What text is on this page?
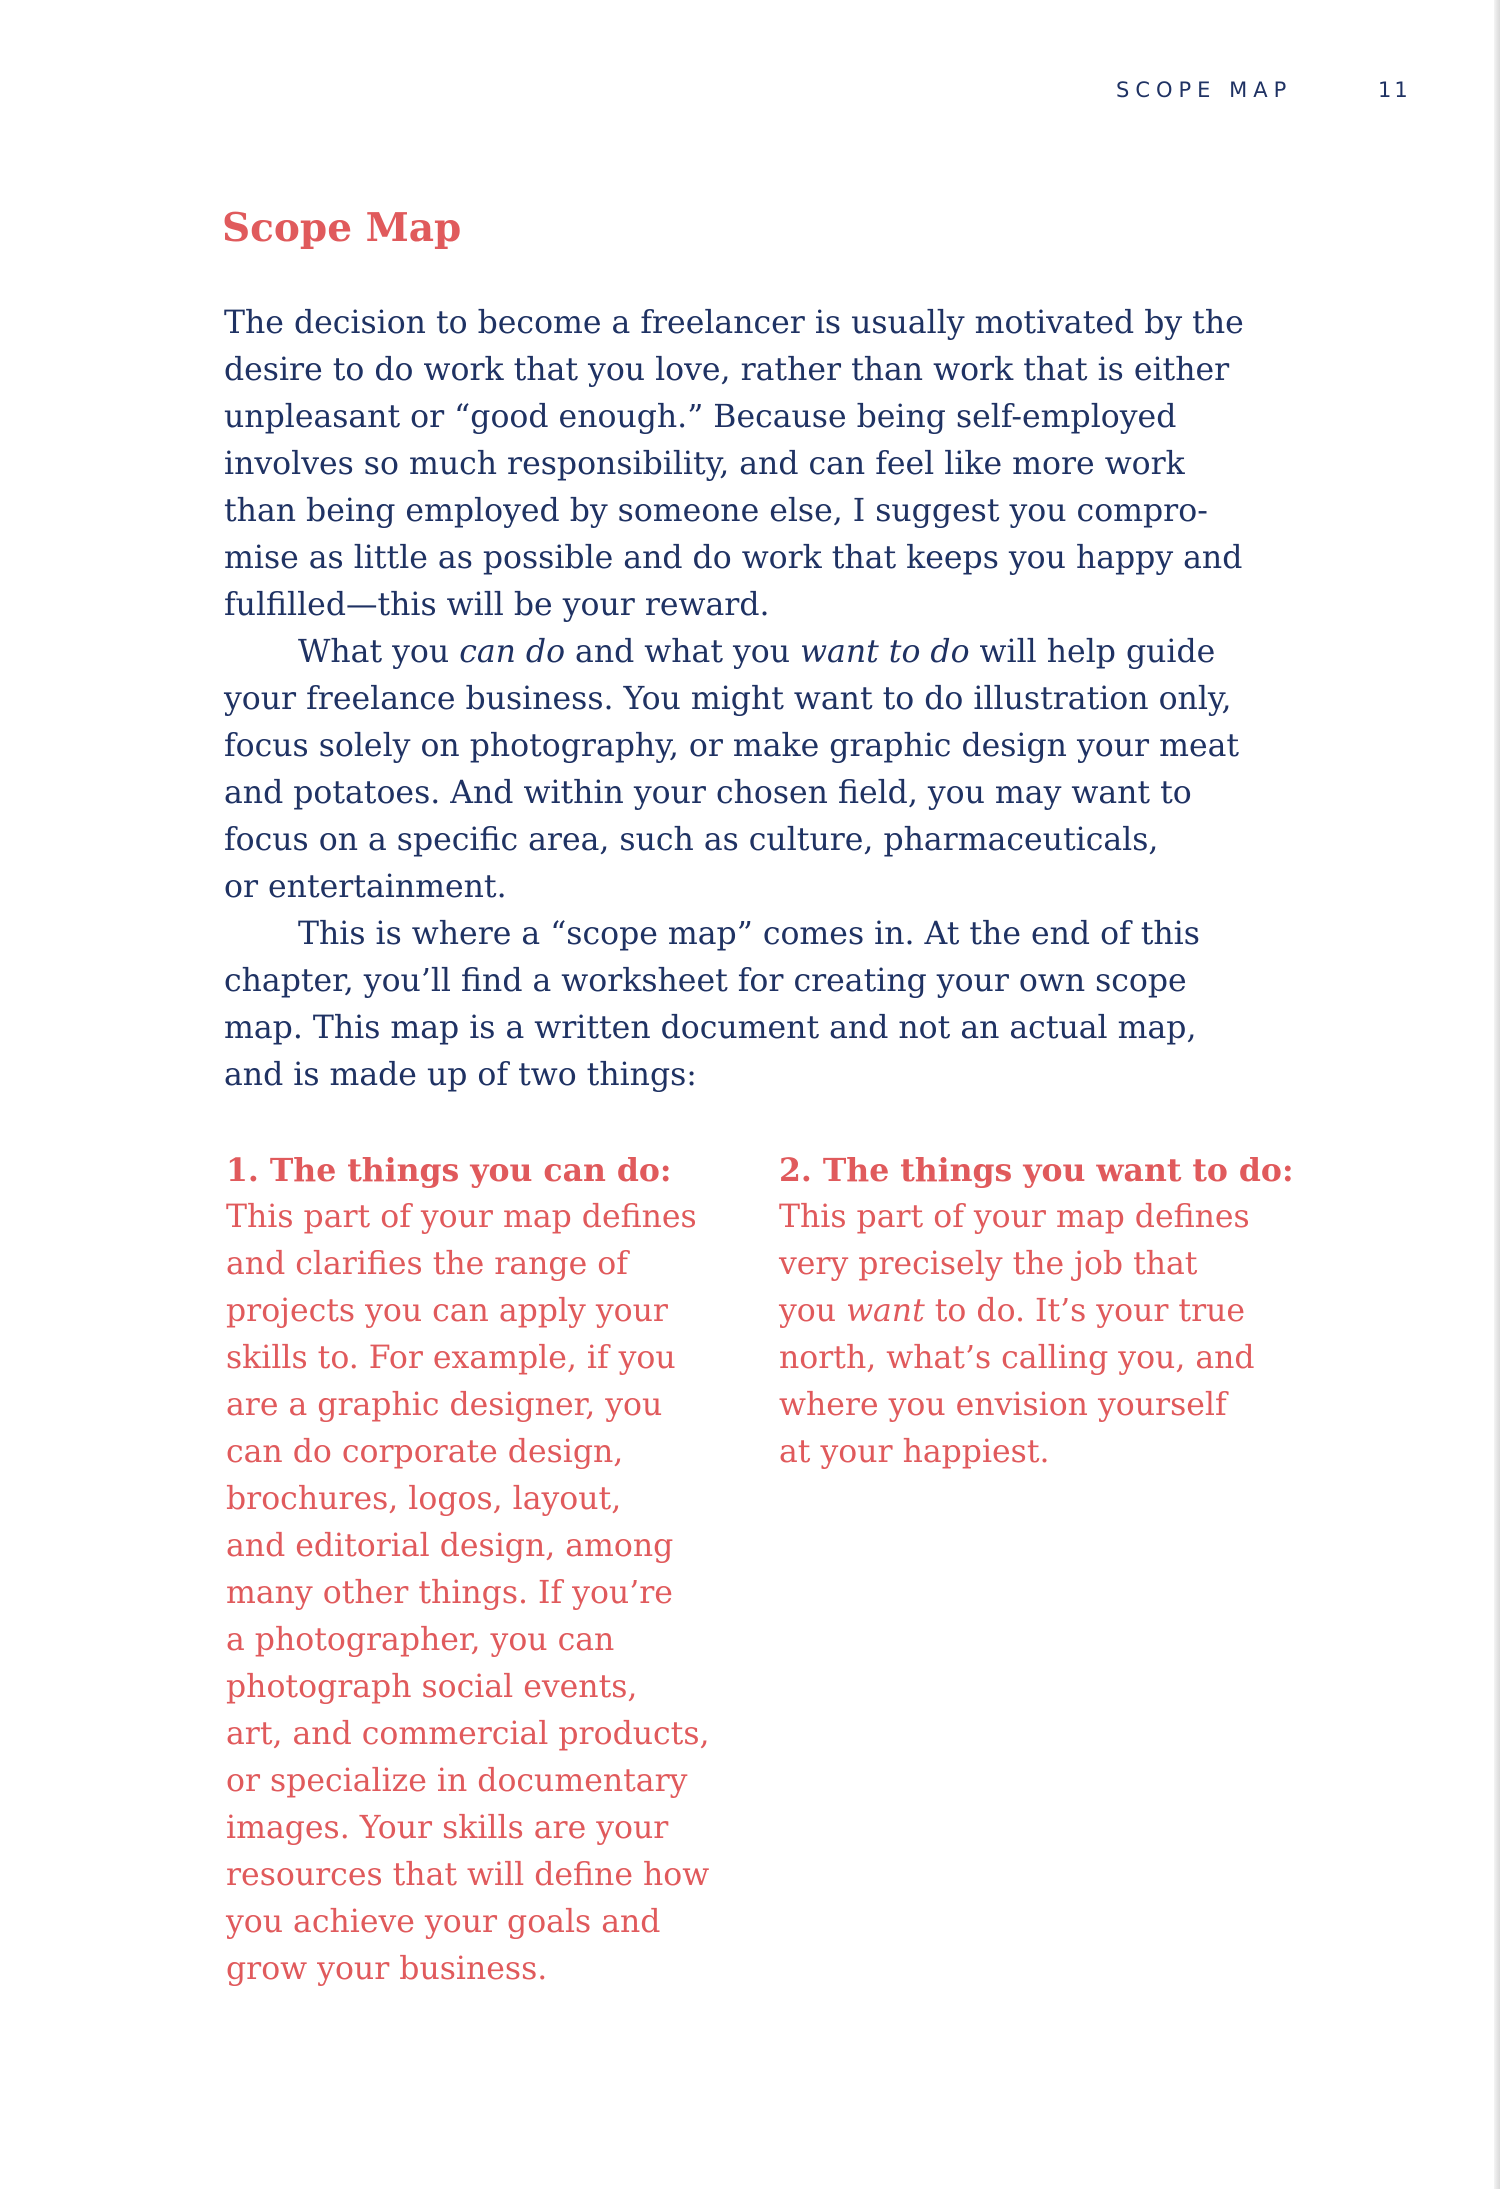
SCOPE MAP	11
Scope Map

The decision to become a freelancer is usually motivated by the
desire to do work that you love, rather than work that is either
unpleasant or “good enough.” Because being self-employed
involves so much responsibility, and can feel like more work
than being employed by someone else, I suggest you compro-
mise as little as possible and do work that keeps you happy and
fulfilled—this will be your reward.

What you can do and what you want to do will help guide
your freelance business. You might want to do illustration only,
focus solely on photography, or make graphic design your meat
and potatoes. And within your chosen field, you may want to
focus on a specific area, such as culture, pharmaceuticals,
or entertainment.

This is where a “scope map” comes in. At the end of this
chapter, you’ll find a worksheet for creating your own scope
map. This map is a written document and not an actual map,
and is made up of two things:

1. The things you can do:
This part of your map defines
and clarifies the range of
projects you can apply your
skills to. For example, if you
are a graphic designer, you
can do corporate design,
brochures, logos, layout,
and editorial design, among
many other things. If you’re
a photographer, you can
photograph social events,
art, and commercial products,
or specialize in documentary
images. Your skills are your
resources that will define how
you achieve your goals and
grow your business.
2. The things you want to do:
This part of your map defines
very precisely the job that
you want to do. It’s your true
north, what’s calling you, and
where you envision yourself
at your happiest.
